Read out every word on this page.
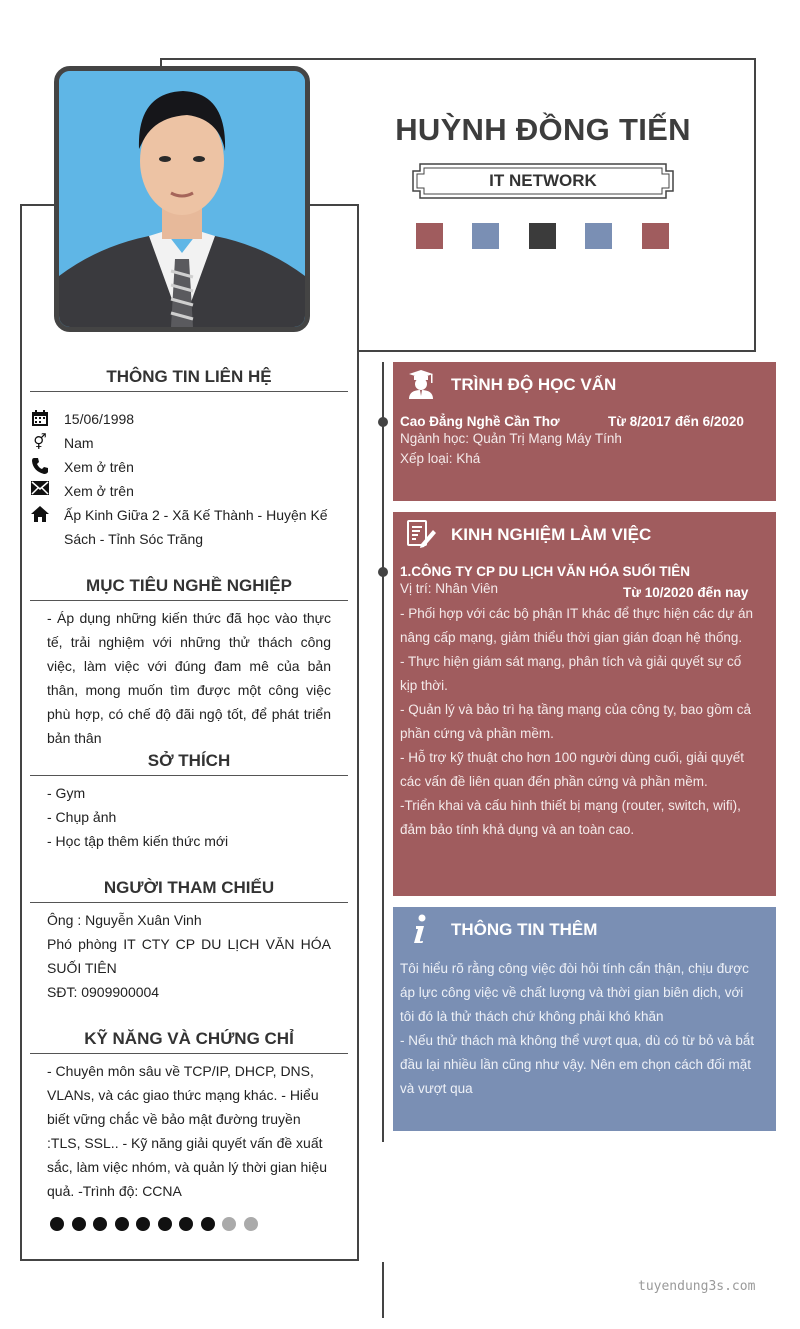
HUỲNH ĐỒNG TIẾN
IT NETWORK
THÔNG TIN LIÊN HỆ
15/06/1998
⚥ Nam
Xem ở trên
Xem ở trên
Ấp Kinh Giữa 2 - Xã Kế Thành - Huyện Kế Sách - Tỉnh Sóc Trăng
MỤC TIÊU NGHỀ NGHIỆP
- Áp dụng những kiến thức đã học vào thực tế, trải nghiệm với những thử thách công việc, làm việc với đúng đam mê của bản thân, mong muốn tìm được một công việc phù hợp, có chế độ đãi ngộ tốt, để phát triển bản thân
SỞ THÍCH
- Gym
- Chụp ảnh
- Học tập thêm kiến thức mới
NGƯỜI THAM CHIẾU
Ông : Nguyễn Xuân Vinh
Phó phòng IT CTY CP DU LỊCH VĂN HÓA SUỐI TIÊN
SĐT: 0909900004
KỸ NĂNG VÀ CHỨNG CHỈ
- Chuyên môn sâu về TCP/IP, DHCP, DNS, VLANs, và các giao thức mạng khác. - Hiểu biết vững chắc về bảo mật đường truyền :TLS, SSL.. - Kỹ năng giải quyết vấn đề xuất sắc, làm việc nhóm, và quản lý thời gian hiệu quả. -Trình độ: CCNA
TRÌNH ĐỘ HỌC VẤN
Cao Đẳng Nghề Cần Thơ	Từ 8/2017 đến 6/2020
Ngành học: Quản Trị Mạng Máy Tính
Xếp loại: Khá
KINH NGHIỆM LÀM VIỆC
1.CÔNG TY CP DU LỊCH VĂN HÓA SUỐI TIÊN
Vị trí: Nhân Viên	Từ 10/2020 đến nay
- Phối hợp với các bộ phận IT khác để thực hiện các dự án nâng cấp mạng, giảm thiểu thời gian gián đoạn hệ thống.
- Thực hiện giám sát mạng, phân tích và giải quyết sự cố kịp thời.
- Quản lý và bảo trì hạ tầng mạng của công ty, bao gồm cả phần cứng và phần mềm.
- Hỗ trợ kỹ thuật cho hơn 100 người dùng cuối, giải quyết các vấn đề liên quan đến phần cứng và phần mềm.
-Triển khai và cấu hình thiết bị mạng (router, switch, wifi), đảm bảo tính khả dụng và an toàn cao.
THÔNG TIN THÊM
Tôi hiểu rõ rằng công việc đòi hỏi tính cẩn thận, chịu được áp lực công việc về chất lượng và thời gian biên dịch, với tôi đó là thử thách chứ không phải khó khăn
- Nếu thử thách mà không thể vượt qua, dù có từ bỏ và bắt đầu lại nhiều lần cũng như vậy. Nên em chọn cách đối mặt và vượt qua
tuyendung3s.com
